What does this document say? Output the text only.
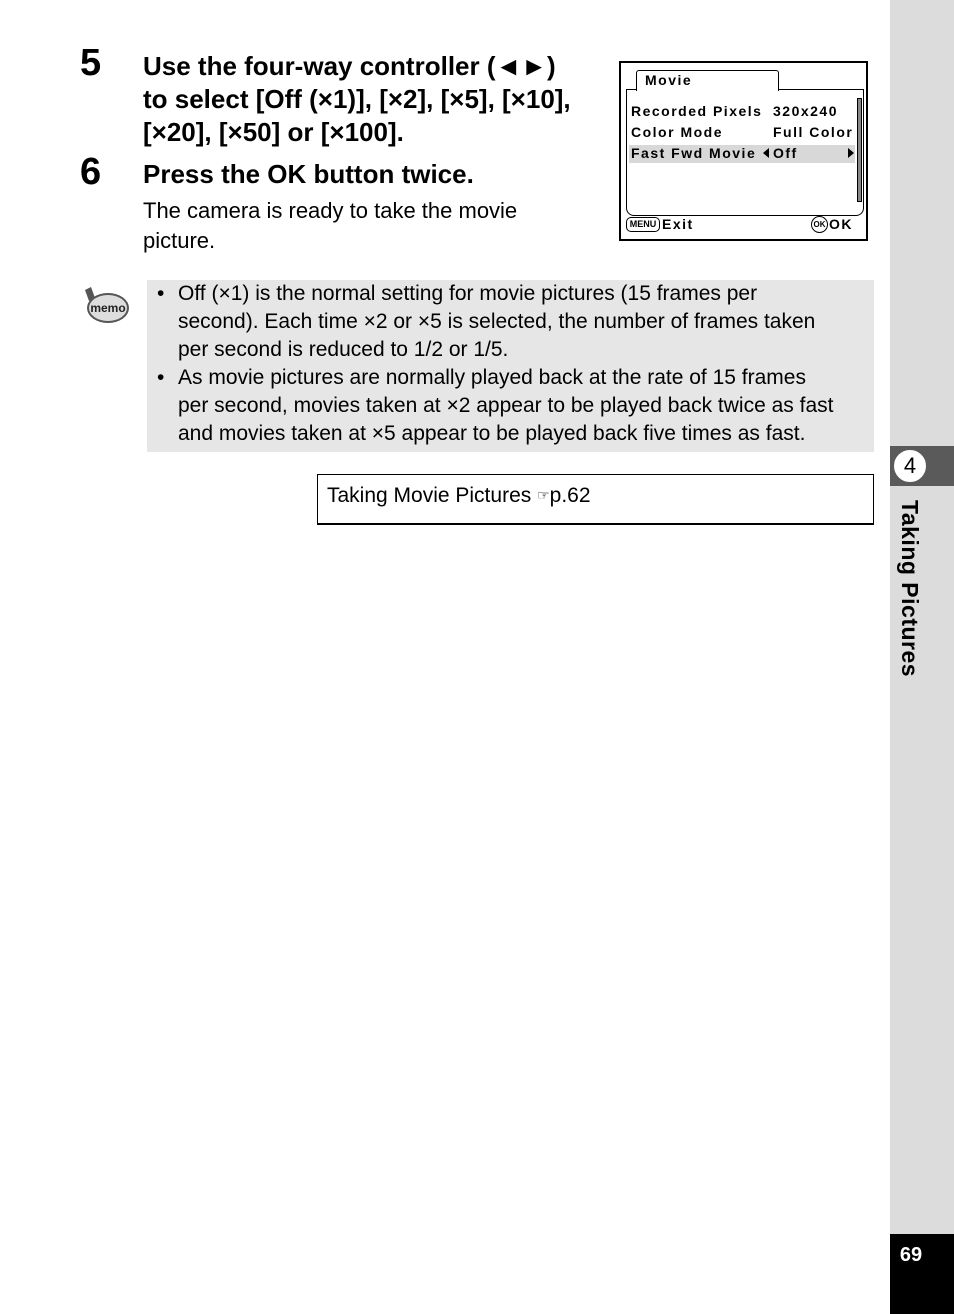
4
Taking Pictures
69
5 Use the four-way controller (◄►)
to select [Off (×1)], [×2], [×5], [×10],
[×20], [×50] or [×100].
6 Press the OK button twice.
The camera is ready to take the movie
picture.
Recorded Pixels 320x240
Color Mode	Full Color
Fast Fwd Movie Off
Movie
MENU Exit	OK OK
memo
• Off (×1) is the normal setting for movie pictures (15 frames per
second). Each time ×2 or ×5 is selected, the number of frames taken
per second is reduced to 1/2 or 1/5.
• As movie pictures are normally played back at the rate of 15 frames
per second, movies taken at ×2 appear to be played back twice as fast
and movies taken at ×5 appear to be played back five times as fast.
Taking Movie Pictures ☞p.62
